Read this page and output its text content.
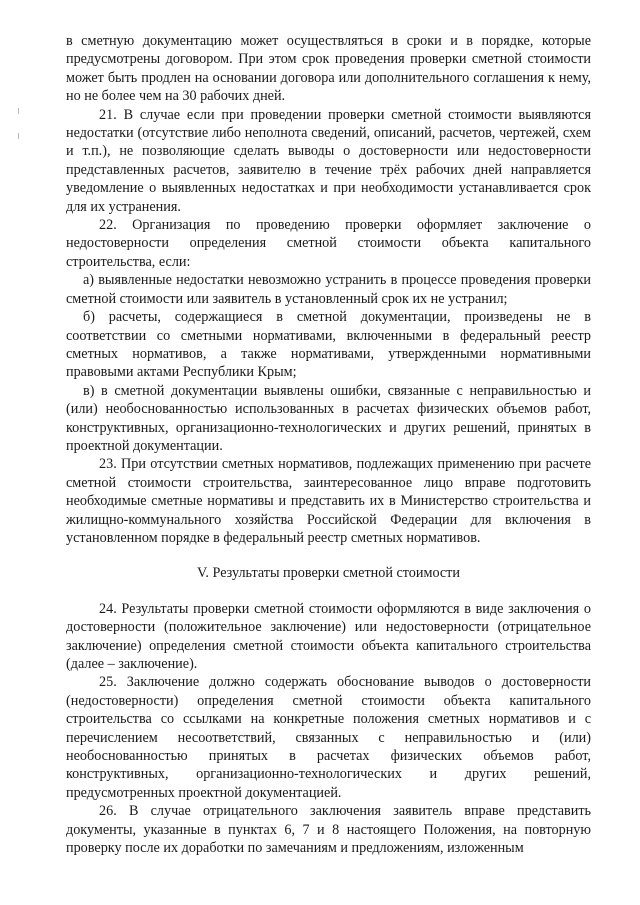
в сметную документацию может осуществляться в сроки и в порядке, которые предусмотрены договором. При этом срок проведения проверки сметной стоимости может быть продлен на основании договора или дополнительного соглашения к нему, но не более чем на 30 рабочих дней.

21. В случае если при проведении проверки сметной стоимости выявляются недостатки (отсутствие либо неполнота сведений, описаний, расчетов, чертежей, схем и т.п.), не позволяющие сделать выводы о достоверности или недостоверности представленных расчетов, заявителю в течение трёх рабочих дней направляется уведомление о выявленных недостатках и при необходимости устанавливается срок для их устранения.

22. Организация по проведению проверки оформляет заключение о недостоверности определения сметной стоимости объекта капитального строительства, если:

а) выявленные недостатки невозможно устранить в процессе проведения проверки сметной стоимости или заявитель в установленный срок их не устранил;

б) расчеты, содержащиеся в сметной документации, произведены не в соответствии со сметными нормативами, включенными в федеральный реестр сметных нормативов, а также нормативами, утвержденными нормативными правовыми актами Республики Крым;

в) в сметной документации выявлены ошибки, связанные с неправильностью и (или) необоснованностью использованных в расчетах физических объемов работ, конструктивных, организационно-технологических и других решений, принятых в проектной документации.

23. При отсутствии сметных нормативов, подлежащих применению при расчете сметной стоимости строительства, заинтересованное лицо вправе подготовить необходимые сметные нормативы и представить их в Министерство строительства и жилищно-коммунального хозяйства Российской Федерации для включения в установленном порядке в федеральный реестр сметных нормативов.

V. Результаты проверки сметной стоимости

24. Результаты проверки сметной стоимости оформляются в виде заключения о достоверности (положительное заключение) или недостоверности (отрицательное заключение) определения сметной стоимости объекта капитального строительства (далее – заключение).

25. Заключение должно содержать обоснование выводов о достоверности (недостоверности) определения сметной стоимости объекта капитального строительства со ссылками на конкретные положения сметных нормативов и с перечислением несоответствий, связанных с неправильностью и (или) необоснованностью принятых в расчетах физических объемов работ, конструктивных, организационно-технологических и других решений, предусмотренных проектной документацией.

26. В случае отрицательного заключения заявитель вправе представить документы, указанные в пунктах 6, 7 и 8 настоящего Положения, на повторную проверку после их доработки по замечаниям и предложениям, изложенным
